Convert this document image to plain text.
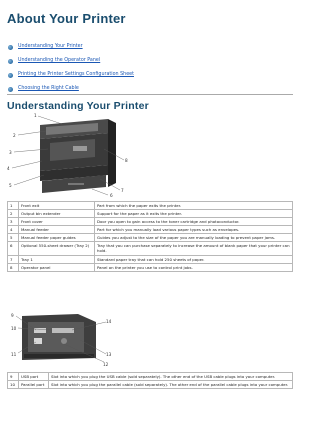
About Your Printer
Understanding Your Printer
Understanding the Operator Panel
Printing the Printer Settings Configuration Sheet
Choosing the Right Cable
Understanding Your Printer
1
2
3
4
5
6
7
8
1	Front exit	Part from which the paper exits the printer.
2	Output bin extender	Support for the paper as it exits the printer.
3	Front cover	Door you open to gain access to the toner cartridge and photoconductor.
4	Manual feeder	Part for which you manually load various paper types such as envelopes.
5	Manual feeder paper guides	Guides you adjust to the size of the paper you are manually loading to prevent paper jams.
6	Optional 550-sheet drawer (Tray 2)	Tray that you can purchase separately to increase the amount of blank paper that your printer can hold.
7	Tray 1	Standard paper tray that can hold 250 sheets of paper.
8	Operator panel	Panel on the printer you use to control print jobs.
9
10
11
12
13
14
9	USB port	Slot into which you plug the USB cable (sold separately). The other end of the USB cable plugs into your computer.
10	Parallel port	Slot into which you plug the parallel cable (sold separately). The other end of the parallel cable plugs into your computer.
